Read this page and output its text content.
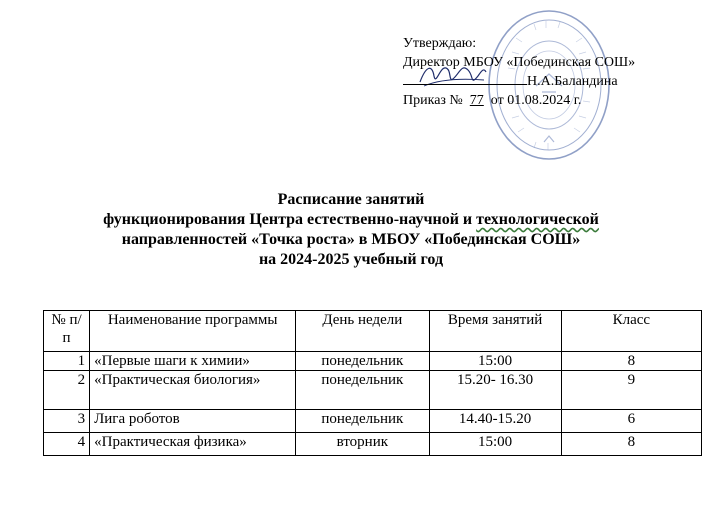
Утверждаю:
Директор МБОУ «Побединская СОШ»
Н.А.Баландина
Приказ № 77 от 01.08.2024 г.
Расписание занятий
функционирования Центра естественно-научной и технологической
направленностей «Точка роста» в МБОУ «Побединская СОШ»
на 2024-2025 учебный год
№ п/п	Наименование программы	День недели	Время занятий	Класс
1	«Первые шаги к химии»	понедельник	15:00	8
2	«Практическая биология»	понедельник	15.20- 16.30	9
3	Лига роботов	понедельник	14.40-15.20	6
4	«Практическая физика»	вторник	15:00	8
